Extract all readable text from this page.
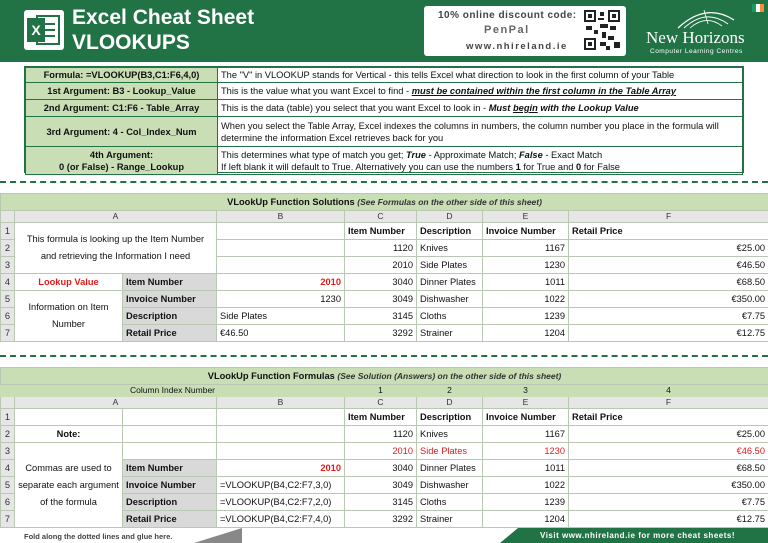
X
Excel Cheat Sheet
VLOOKUPS
10% online discount code:
PenPal
www.nhireland.ie	New Horizons
Computer Learning Centres
Formula: =VLOOKUP(B3,C1:F6,4,0)	The "V" in VLOOKUP stands for Vertical - this tells Excel what direction to look in the first column of your Table
1st Argument: B3 - Lookup_Value	This is the value what you want Excel to find - must be contained within the first column in the Table Array
2nd Argument: C1:F6 - Table_Array	This is the data (table) you select that you want Excel to look in - Must begin with the Lookup Value
3rd Argument: 4 - Col_Index_Num	When you select the Table Array, Excel indexes the columns in numbers, the column number you place in the formula will determine the information Excel retrieves back for you
4th Argument:
0 (or False) - Range_Lookup	This determines what type of match you get; True - Approximate Match; False - Exact Match
If left blank it will default to True. Alternatively you can use the numbers 1 for True and 0 for False
VLookUp Function Solutions (See Formulas on the other side of this sheet)							
	A		B	C	D	E	F
1	This formula is looking up the Item Number and retrieving the Information I need			Item Number	Description	Invoice Number	Retail Price
2				1120	Knives	1167	€25.00
3				2010	Side Plates	1230	€46.50
4	Lookup Value	Item Number	2010	3040	Dinner Plates	1011	€68.50
5	Information on Item Number	Invoice Number	1230	3049	Dishwasher	1022	€350.00
6		Description	Side Plates	3145	Cloths	1239	€7.75
7		Retail Price	€46.50	3292	Strainer	1204	€12.75
VLookUp Function Formulas (See Solution (Answers) on the other side of this sheet)							
Column Index Number				1	2	3	4
	A		B	C	D	E	F
1				Item Number	Description	Invoice Number	Retail Price
2	Note:			1120	Knives	1167	€25.00
3	Commas are used to separate each argument of the formula			2010	Side Plates	1230	€46.50
4		Item Number	2010	3040	Dinner Plates	1011	€68.50
5		Invoice Number	=VLOOKUP(B4,C2:F7,3,0)	3049	Dishwasher	1022	€350.00
6		Description	=VLOOKUP(B4,C2:F7,2,0)	3145	Cloths	1239	€7.75
7		Retail Price	=VLOOKUP(B4,C2:F7,4,0)	3292	Strainer	1204	€12.75
Fold along the dotted lines and glue here.	Visit www.nhireland.ie for more cheat sheets!
